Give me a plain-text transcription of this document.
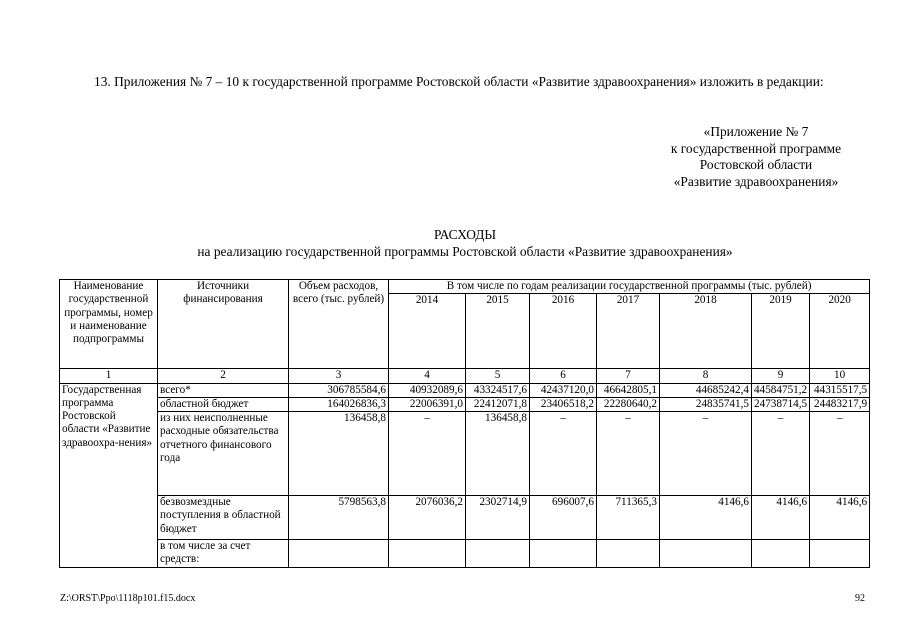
13. Приложения № 7 – 10 к государственной программе Ростовской области «Развитие здравоохранения» изложить в редакции:

«Приложение № 7
к государственной программе
Ростовской области
«Развитие здравоохранения»
РАСХОДЫ
на реализацию государственной программы Ростовской области «Развитие здравоохранения»
Наименование государственной программы, номер и наименование подпрограммы	Источники финансирования	Объем расходов, всего (тыс. рублей)	В том числе по годам реализации государственной программы (тыс. рублей)						
			2014	2015	2016	2017	2018	2019	2020
1	2	3	4	5	6	7	8	9	10
Государственная программа Ростовской области «Развитие здравоохра-нения»	всего*	306785584,6	40932089,6	43324517,6	42437120,0	46642805,1	44685242,4	44584751,2	44315517,5
	областной бюджет	164026836,3	22006391,0	22412071,8	23406518,2	22280640,2	24835741,5	24738714,5	24483217,9
	из них неисполненные расходные обязательства отчетного финансового года	136458,8	–	136458,8	–	–	–	–	–
	безвозмездные поступления в областной бюджет	5798563,8	2076036,2	2302714,9	696007,6	711365,3	4146,6	4146,6	4146,6
	в том числе за счет средств:								
Z:\ORST\Ppo\1118p101.f15.docx	92
